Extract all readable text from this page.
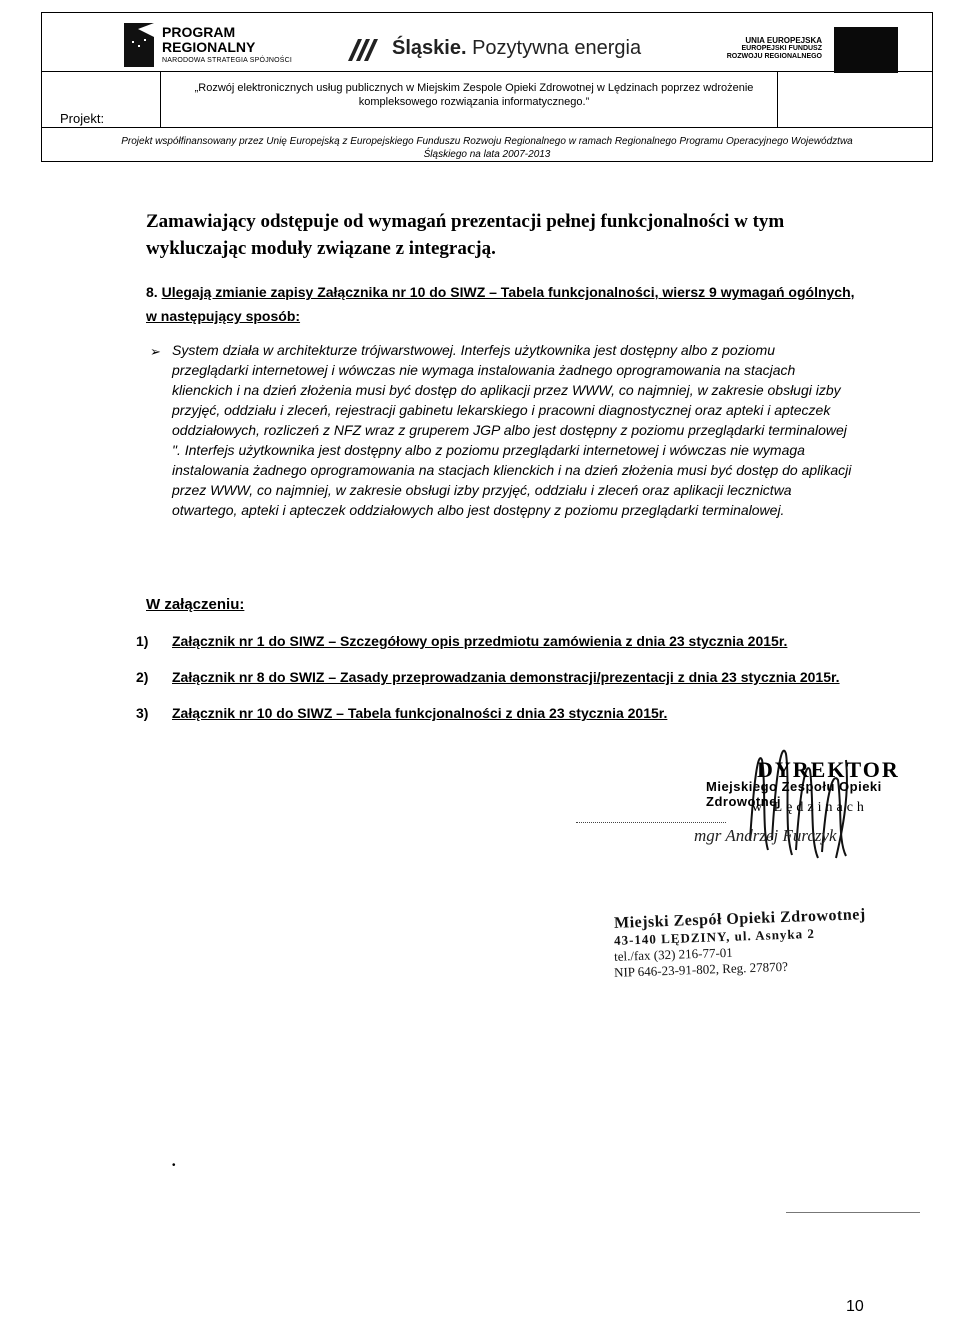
PROGRAM
REGIONALNY
NARODOWA STRATEGIA SPÓJNOŚCI
Śląskie. Pozytywna energia	UNIA EUROPEJSKA
EUROPEJSKI FUNDUSZ
ROZWOJU REGIONALNEGO
Projekt:
„Rozwój elektronicznych usług publicznych w Miejskim Zespole Opieki Zdrowotnej w Lędzinach poprzez wdrożenie kompleksowego rozwiązania informatycznego.”
Projekt współfinansowany przez Unię Europejską z Europejskiego Funduszu Rozwoju Regionalnego w ramach Regionalnego Programu Operacyjnego Województwa Śląskiego na lata 2007-2013
Zamawiający odstępuje od wymagań prezentacji pełnej funkcjonalności w tym wykluczając moduły związane z integracją.
8. Ulegają zmianie zapisy Załącznika nr 10 do SIWZ – Tabela funkcjonalności, wiersz 9 wymagań ogólnych, w następujący sposób:
➢ System działa w architekturze trójwarstwowej. Interfejs użytkownika jest dostępny albo z poziomu przeglądarki internetowej i wówczas nie wymaga instalowania żadnego oprogramowania na stacjach klienckich i na dzień złożenia musi być dostęp do aplikacji przez WWW, co najmniej, w zakresie obsługi izby przyjęć, oddziału i zleceń, rejestracji gabinetu lekarskiego i pracowni diagnostycznej oraz apteki i apteczek oddziałowych, rozliczeń z NFZ wraz z gruperem JGP albo jest dostępny z poziomu przeglądarki terminalowej ". Interfejs użytkownika jest dostępny albo z poziomu przeglądarki internetowej i wówczas nie wymaga instalowania żadnego oprogramowania na stacjach klienckich i na dzień złożenia musi być dostęp do aplikacji przez WWW, co najmniej, w zakresie obsługi izby przyjęć, oddziału i zleceń oraz aplikacji lecznictwa otwartego, apteki i apteczek oddziałowych albo jest dostępny z poziomu przeglądarki terminalowej.
W załączeniu:
1) Załącznik nr 1 do SIWZ – Szczegółowy opis przedmiotu zamówienia z dnia 23 stycznia 2015r.
2) Załącznik nr 8 do SWIZ – Zasady przeprowadzania demonstracji/prezentacji z dnia 23 stycznia 2015r.
3) Załącznik nr 10 do SIWZ – Tabela funkcjonalności z dnia 23 stycznia 2015r.
DYREKTOR
Miejskiego Zespołu Opieki Zdrowotnej
w Lędzinach
mgr Andrzej Furczyk
Miejski Zespół Opieki Zdrowotnej
43-140 LĘDZINY, ul. Asnyka 2
tel./fax (32) 216-77-01
NIP 646-23-91-802, Reg. 27870?
•
10
